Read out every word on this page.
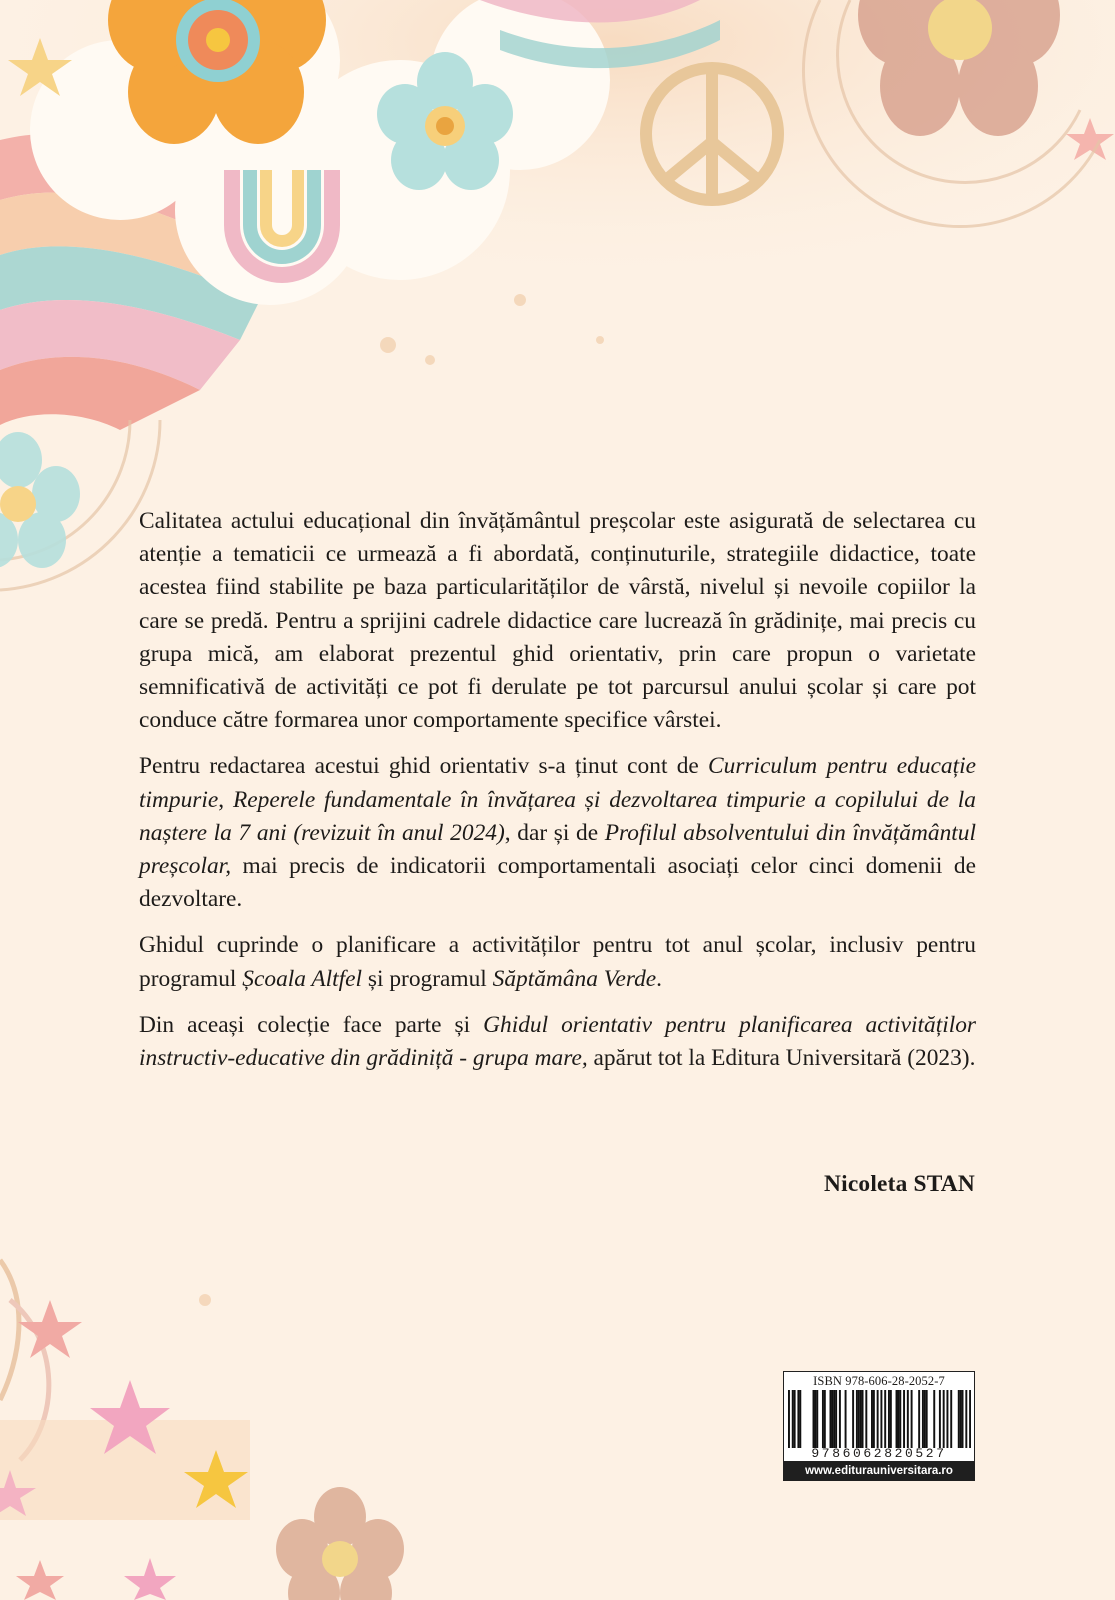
Calitatea actului educațional din învățământul preșcolar este asigurată de selectarea cu atenție a tematicii ce urmează a fi abordată, conținuturile, strategiile didactice, toate acestea fiind stabilite pe baza particularităților de vârstă, nivelul și nevoile copiilor la care se predă. Pentru a sprijini cadrele didactice care lucrează în grădinițe, mai precis cu grupa mică, am elaborat prezentul ghid orientativ, prin care propun o varietate semnificativă de activități ce pot fi derulate pe tot parcursul anului școlar și care pot conduce către formarea unor comportamente specifice vârstei.

Pentru redactarea acestui ghid orientativ s-a ținut cont de Curriculum pentru educație timpurie, Reperele fundamentale în învățarea și dezvoltarea timpurie a copilului de la naștere la 7 ani (revizuit în anul 2024), dar și de Profilul absolventului din învățământul preșcolar, mai precis de indicatorii comportamentali asociați celor cinci domenii de dezvoltare.

Ghidul cuprinde o planificare a activităților pentru tot anul școlar, inclusiv pentru programul Școala Altfel și programul Săptămâna Verde.

Din aceași colecție face parte și Ghidul orientativ pentru planificarea activităților instructiv-educative din grădiniță - grupa mare, apărut tot la Editura Universitară (2023).

Nicoleta STAN
ISBN 978-606-28-2052-7
9786062820527
www.editurauniversitara.ro
